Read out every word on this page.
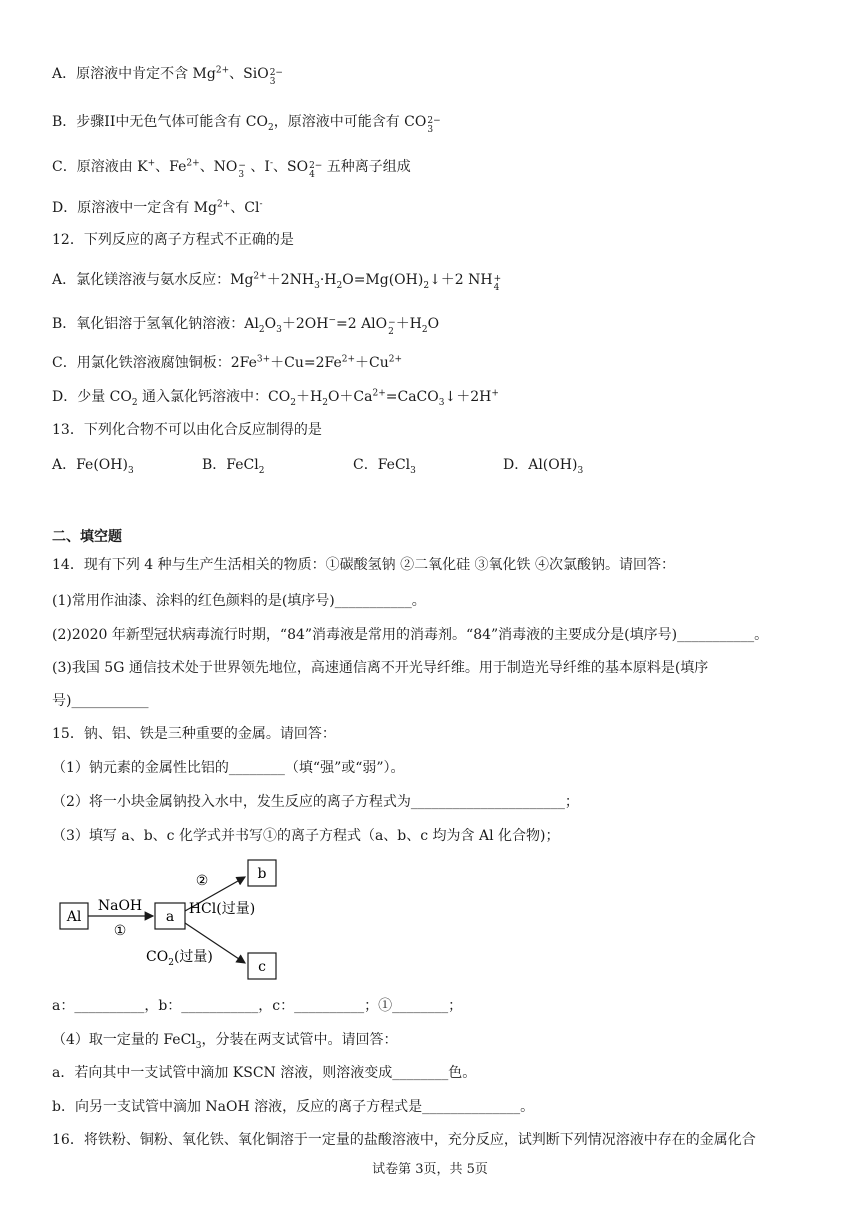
A．原溶液中肯定不含 $Mg^{2+}$、SiO 2−
3
B．步骤II中无色气体可能含有 $CO_2$，原溶液中可能含有 CO 2−
3
C．原溶液由 K+、$Fe^{2+}$、NO −
3 、I-、SO 2−
4 五种离子组成
D．原溶液中一定含有 $Mg^{2+}$、Cl-
12．下列反应的离子方程式不正确的是
A．氯化镁溶液与氨水反应：$Mg^{2+}+2NH_3\cdot H_2O=Mg(OH)_2↓+2$ NH +
4
B．氧化铝溶于氢氧化钠溶液：$Al_2O_3+2OH^-=2$ AlO −
$2 +H_2O$
C．用氯化铁溶液腐蚀铜板：$2Fe^{3+}+Cu=2Fe^{2+}+Cu^{2+}$
D．少量 $CO_2$ 通入氯化钙溶液中：$CO_2+H_2O+Ca^{2+}=CaCO_3↓+2H^+$
13．下列化合物不可以由化合反应制得的是
A．$Fe(OH)_3$	B．FeCl$_2$	C．FeCl$_3$	D．$Al(OH)_3$
二、填空题
14．现有下列 4 种与生产生活相关的物质：①碳酸氢钠 ②二氧化硅 ③氧化铁 ④次氯酸钠。请回答：
(1)常用作油漆、涂料的红色颜料的是(填序号)___________。
(2)2020 年新型冠状病毒流行时期，“84”消毒液是常用的消毒剂。“84”消毒液的主要成分是(填序号)___________。
(3)我国 5G 通信技术处于世界领先地位，高速通信离不开光导纤维。用于制造光导纤维的基本原料是(填序
号)___________
15．钠、铝、铁是三种重要的金属。请回答：
（1）钠元素的金属性比铝的________（填“强”或“弱”）。
（2）将一小块金属钠投入水中，发生反应的离子方程式为______________________；
（3）填写 a、b、c 化学式并书写①的离子方程式（a、b、c 均为含 Al 化合物)；
Al
NaOH
①
a
②
HCl(过量)
b
$CO_2$(过量)
c
a：__________，b：___________，c：__________；①________；
（4）取一定量的 FeCl$_3$，分装在两支试管中。请回答：
a．若向其中一支试管中滴加 KSCN 溶液，则溶液变成________色。
b．向另一支试管中滴加 NaOH 溶液，反应的离子方程式是______________。
16．将铁粉、铜粉、氧化铁、氧化铜溶于一定量的盐酸溶液中，充分反应，试判断下列情况溶液中存在的金属化合
试卷第 3页，共 5页
